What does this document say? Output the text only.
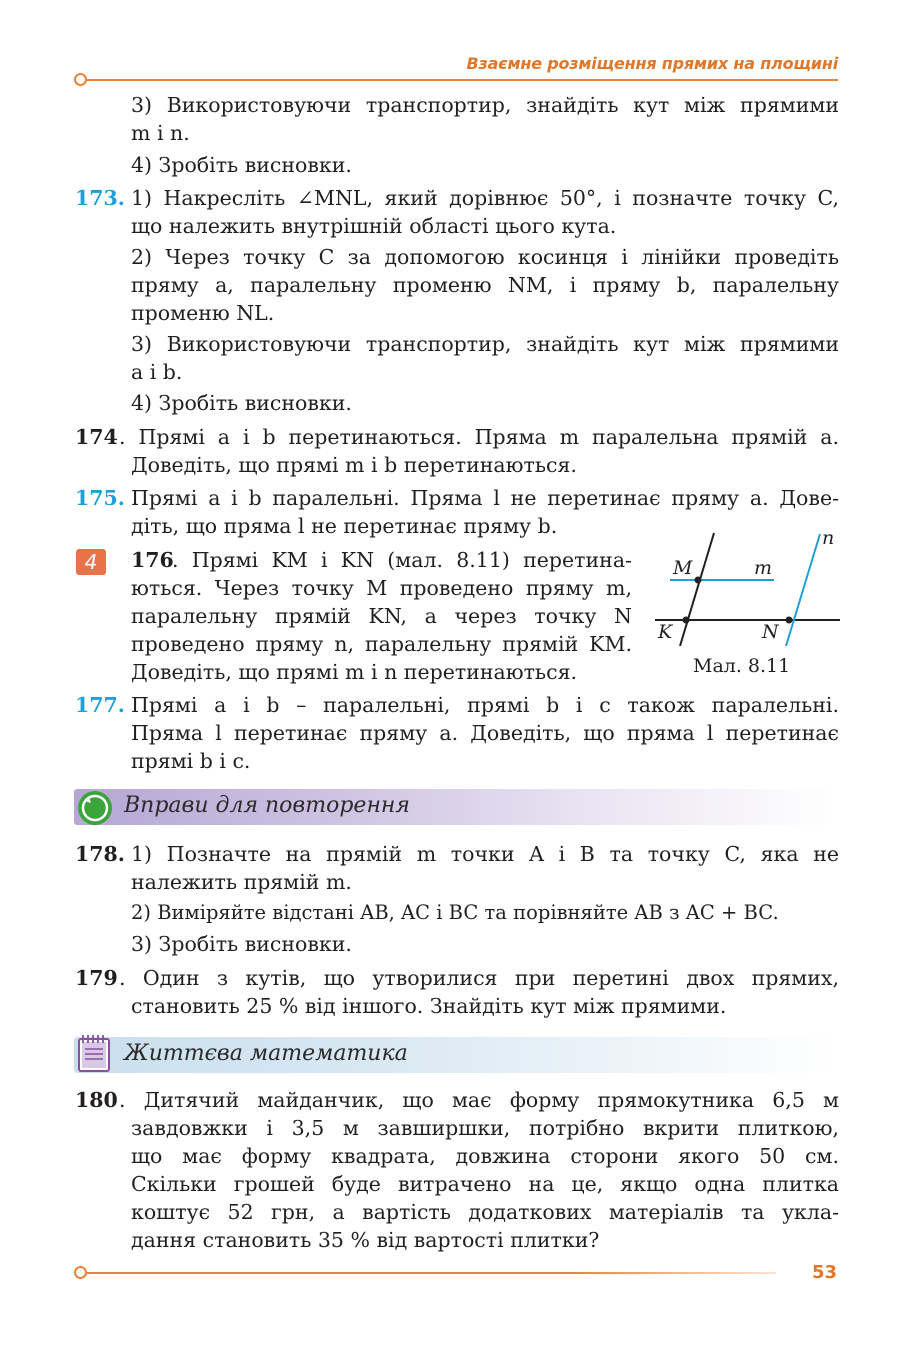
Взаємне розміщення прямих на площині
3) Використовуючи транспортир, знайдіть кут між прямими
m і n.
4) Зробіть висновки.
173. 1) Накресліть ∠MNL, який дорівнює 50°, і позначте точку C,
що належить внутрішній області цього кута.
2) Через точку C за допомогою косинця і лінійки проведіть
пряму a, паралельну променю NM, і пряму b, паралельну
променю NL.
3) Використовуючи транспортир, знайдіть кут між прямими
a і b.
4) Зробіть висновки.
174 . Прямі a і b перетинаються. Пряма m паралельна прямій a.
Доведіть, що прямі m і b перетинаються.
175. Прямі a і b паралельні. Пряма l не перетинає пряму a. Дове-
діть, що пряма l не перетинає пряму b.
4	176
. Прямі KM і KN (мал. 8.11) перетина-
ються. Через точку M проведено пряму m,
паралельну прямій KN, а через точку N
проведено пряму n, паралельну прямій KM.
Доведіть, що прямі m і n перетинаються.
M	m
n
K	N
Мал. 8.11
177. Прямі a і b – паралельні, прямі b і c також паралельні.
Пряма l перетинає пряму a. Доведіть, що пряма l перетинає
прямі b і c.
Вправи для повторення
178. 1) Позначте на прямій m точки A і B та точку C, яка не
належить прямій m.
2) Виміряйте відстані AB, AC і BC та порівняйте AB з AC + BC.
3) Зробіть висновки.
179 . Один з кутів, що утворилися при перетині двох прямих,
становить 25 % від іншого. Знайдіть кут між прямими.
Життєва математика
180 . Дитячий майданчик, що має форму прямокутника 6,5 м
завдовжки і 3,5 м завширшки, потрібно вкрити плиткою,
що має форму квадрата, довжина сторони якого 50 см.
Скільки грошей буде витрачено на це, якщо одна плитка
коштує 52 грн, а вартість додаткових матеріалів та укла-
дання становить 35 % від вартості плитки?
53
